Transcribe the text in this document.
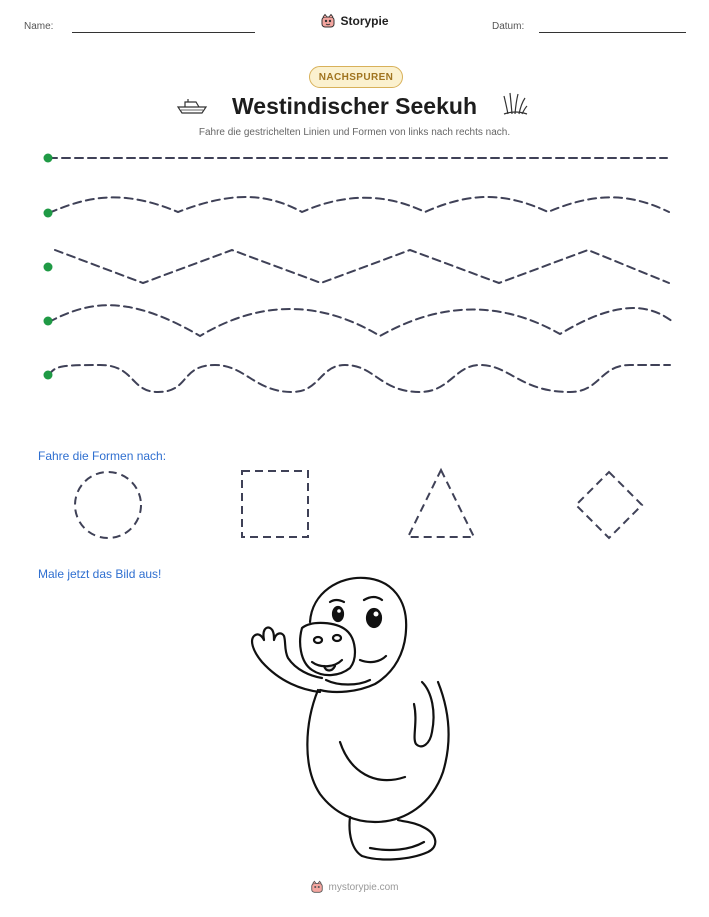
Name:	Storypie	Datum:
NACHSPUREN
Westindischer Seekuh
Fahre die gestrichelten Linien und Formen von links nach rechts nach.
Fahre die Formen nach:
Male jetzt das Bild aus!
mystorypie.com
